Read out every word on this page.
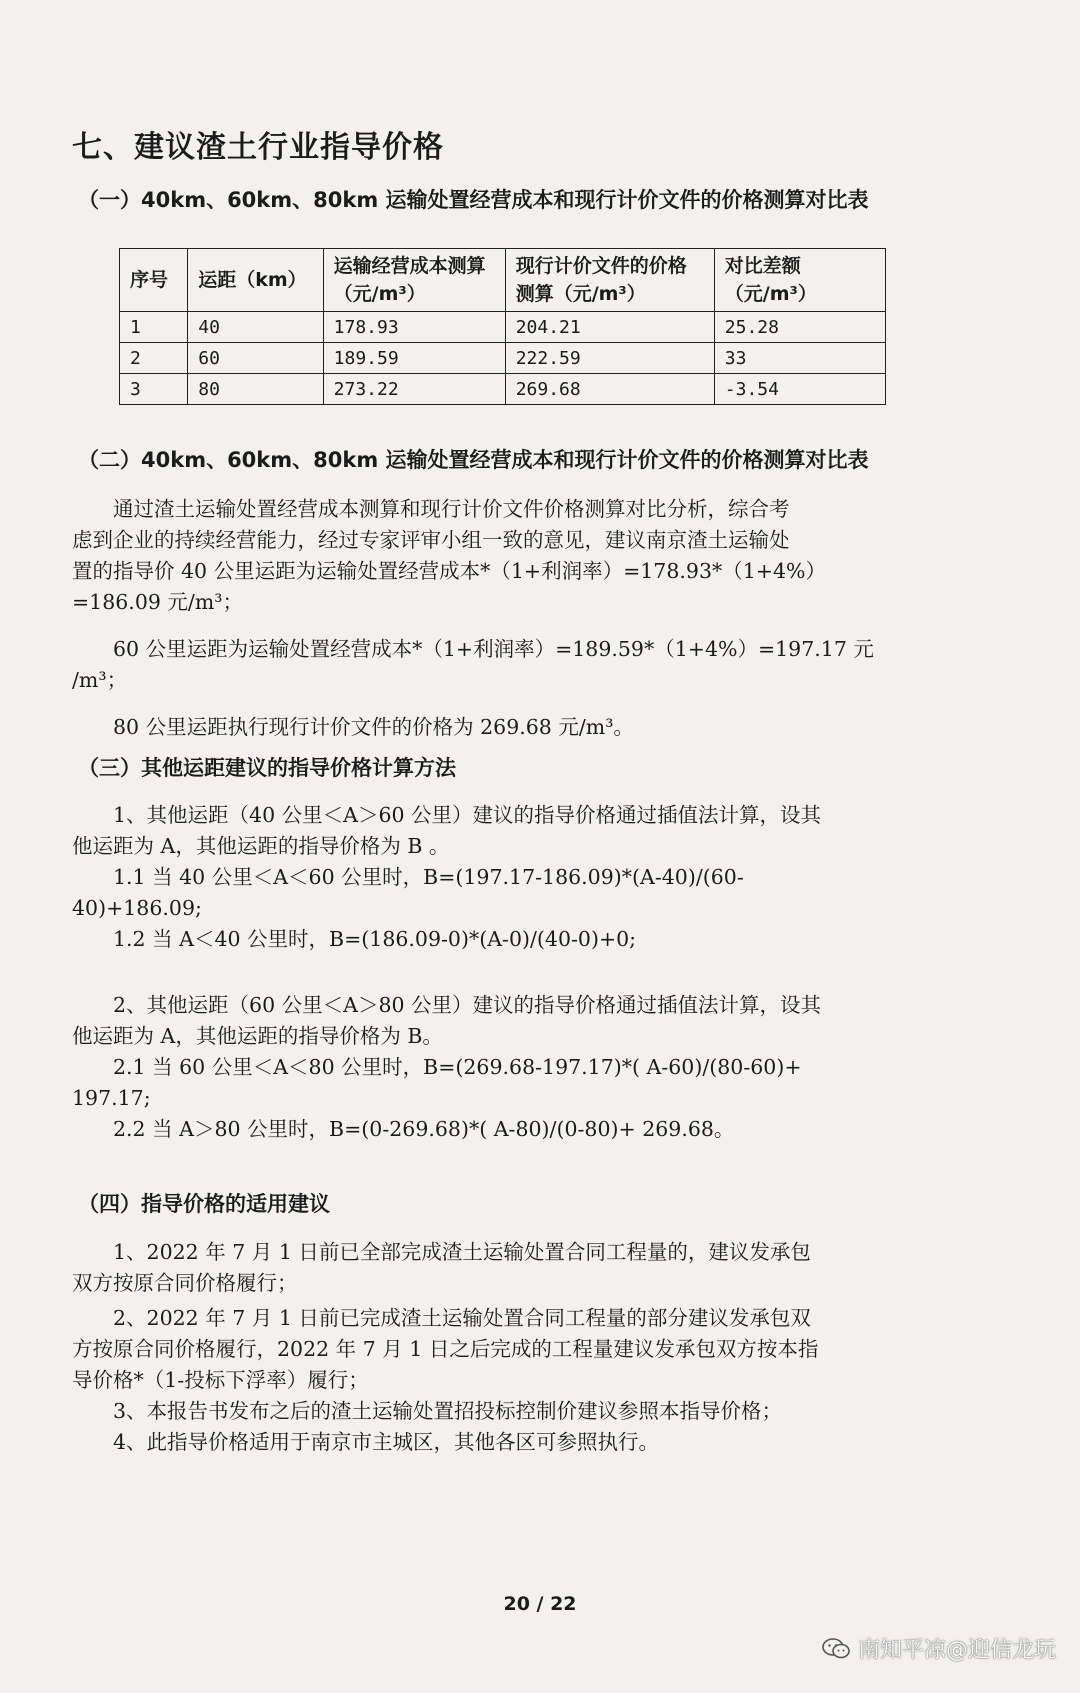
七、建议渣土行业指导价格
（一）40km、60km、80km 运输处置经营成本和现行计价文件的价格测算对比表
序号	运距（km）	运输经营成本测算（元/m³）	现行计价文件的价格测算（元/m³）	对比差额（元/m³）
1	40	178.93	204.21	25.28
2	60	189.59	222.59	33
3	80	273.22	269.68	-3.54
（二）40km、60km、80km 运输处置经营成本和现行计价文件的价格测算对比表
　　通过渣土运输处置经营成本测算和现行计价文件价格测算对比分析，综合考
虑到企业的持续经营能力，经过专家评审小组一致的意见，建议南京渣土运输处
置的指导价 40 公里运距为运输处置经营成本*（1+利润率）=178.93*（1+4%）
=186.09 元/m³；
　　60 公里运距为运输处置经营成本*（1+利润率）=189.59*（1+4%）=197.17 元
/m³；
　　80 公里运距执行现行计价文件的价格为 269.68 元/m³。
（三）其他运距建议的指导价格计算方法
　　1、其他运距（40 公里＜A＞60 公里）建议的指导价格通过插值法计算，设其
他运距为 A，其他运距的指导价格为 B 。
　　1.1 当 40 公里＜A＜60 公里时，B=(197.17-186.09)*(A-40)/(60-
40)+186.09;
　　1.2 当 A＜40 公里时，B=(186.09-0)*(A-0)/(40-0)+0;
　　2、其他运距（60 公里＜A＞80 公里）建议的指导价格通过插值法计算，设其
他运距为 A，其他运距的指导价格为 B。
　　2.1 当 60 公里＜A＜80 公里时，B=(269.68-197.17)*( A-60)/(80-60)+
197.17;
　　2.2 当 A＞80 公里时，B=(0-269.68)*( A-80)/(0-80)+ 269.68。
（四）指导价格的适用建议
　　1、2022 年 7 月 1 日前已全部完成渣土运输处置合同工程量的，建议发承包
双方按原合同价格履行；
　　2、2022 年 7 月 1 日前已完成渣土运输处置合同工程量的部分建议发承包双
方按原合同价格履行，2022 年 7 月 1 日之后完成的工程量建议发承包双方按本指
导价格*（1-投标下浮率）履行；
　　3、本报告书发布之后的渣土运输处置招投标控制价建议参照本指导价格；
　　4、此指导价格适用于南京市主城区，其他各区可参照执行。
20 / 22
南知平凉@迎信龙玩
